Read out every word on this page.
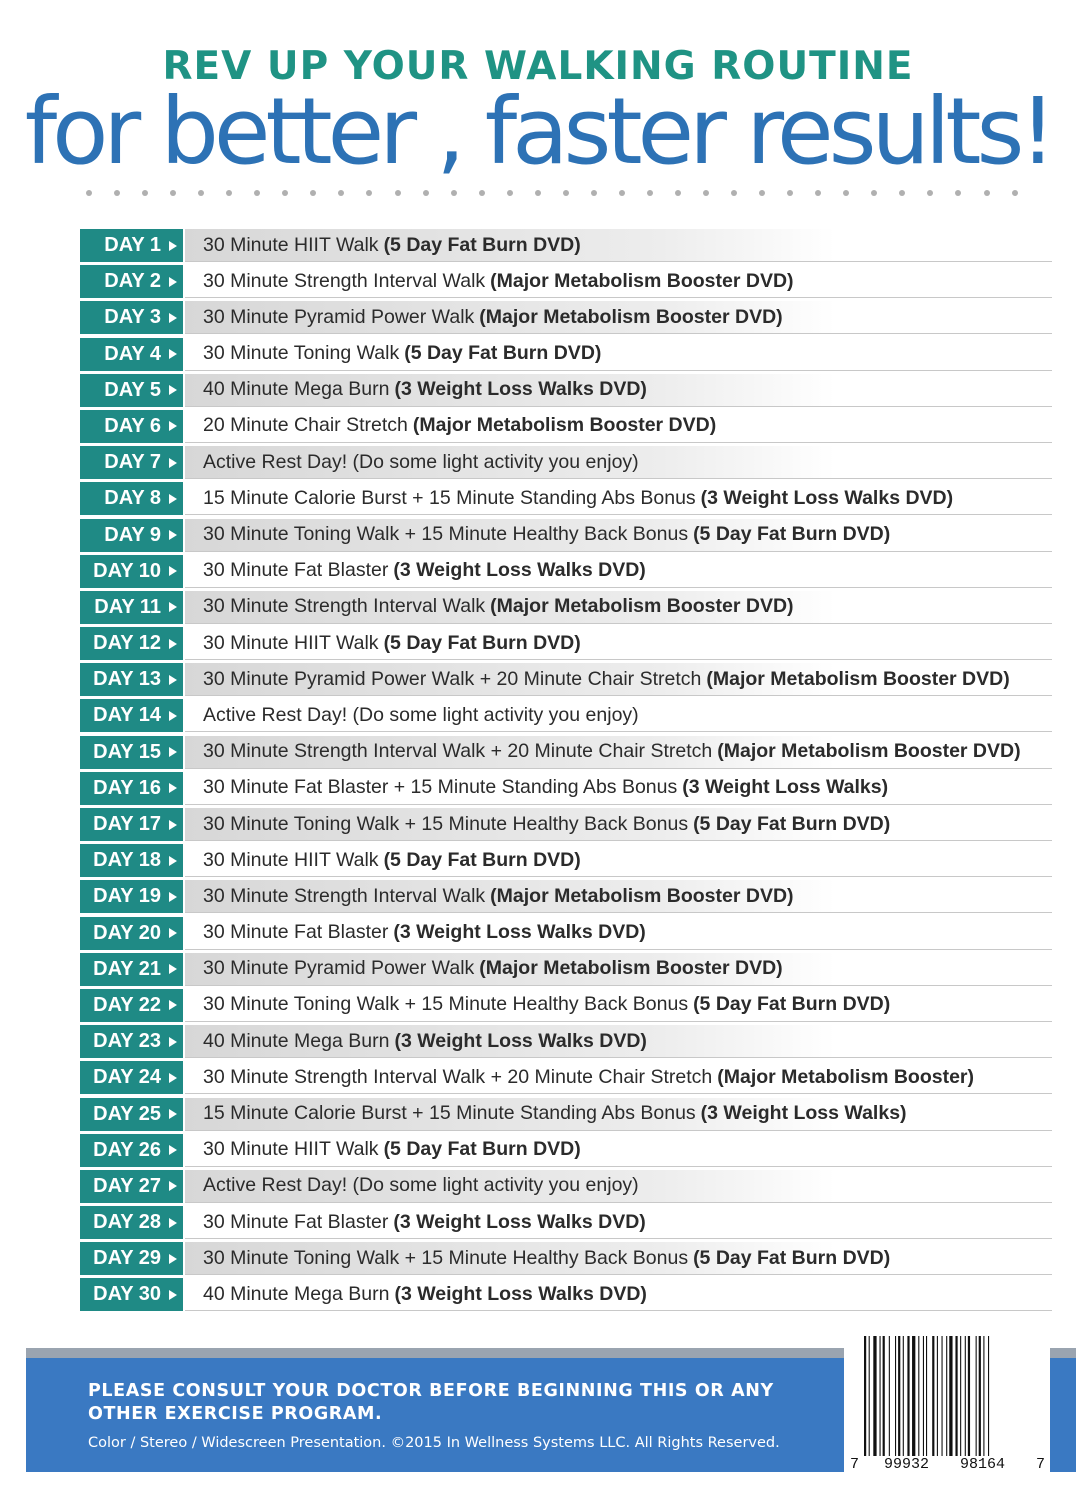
REV UP YOUR WALKING ROUTINE
for better , faster results!
DAY 1 30 Minute HIIT Walk (5 Day Fat Burn DVD)
DAY 2 30 Minute Strength Interval Walk (Major Metabolism Booster DVD)
DAY 3 30 Minute Pyramid Power Walk (Major Metabolism Booster DVD)
DAY 4 30 Minute Toning Walk (5 Day Fat Burn DVD)
DAY 5 40 Minute Mega Burn (3 Weight Loss Walks DVD)
DAY 6 20 Minute Chair Stretch (Major Metabolism Booster DVD)
DAY 7 Active Rest Day! (Do some light activity you enjoy)
DAY 8 15 Minute Calorie Burst + 15 Minute Standing Abs Bonus (3 Weight Loss Walks DVD)
DAY 9 30 Minute Toning Walk + 15 Minute Healthy Back Bonus (5 Day Fat Burn DVD)
DAY 10 30 Minute Fat Blaster (3 Weight Loss Walks DVD)
DAY 11 30 Minute Strength Interval Walk (Major Metabolism Booster DVD)
DAY 12 30 Minute HIIT Walk (5 Day Fat Burn DVD)
DAY 13 30 Minute Pyramid Power Walk + 20 Minute Chair Stretch (Major Metabolism Booster DVD)
DAY 14 Active Rest Day! (Do some light activity you enjoy)
DAY 15 30 Minute Strength Interval Walk + 20 Minute Chair Stretch (Major Metabolism Booster DVD)
DAY 16 30 Minute Fat Blaster + 15 Minute Standing Abs Bonus (3 Weight Loss Walks)
DAY 17 30 Minute Toning Walk + 15 Minute Healthy Back Bonus (5 Day Fat Burn DVD)
DAY 18 30 Minute HIIT Walk (5 Day Fat Burn DVD)
DAY 19 30 Minute Strength Interval Walk (Major Metabolism Booster DVD)
DAY 20 30 Minute Fat Blaster (3 Weight Loss Walks DVD)
DAY 21 30 Minute Pyramid Power Walk (Major Metabolism Booster DVD)
DAY 22 30 Minute Toning Walk + 15 Minute Healthy Back Bonus (5 Day Fat Burn DVD)
DAY 23 40 Minute Mega Burn (3 Weight Loss Walks DVD)
DAY 24 30 Minute Strength Interval Walk + 20 Minute Chair Stretch (Major Metabolism Booster)
DAY 25 15 Minute Calorie Burst + 15 Minute Standing Abs Bonus (3 Weight Loss Walks)
DAY 26 30 Minute HIIT Walk (5 Day Fat Burn DVD)
DAY 27 Active Rest Day! (Do some light activity you enjoy)
DAY 28 30 Minute Fat Blaster (3 Weight Loss Walks DVD)
DAY 29 30 Minute Toning Walk + 15 Minute Healthy Back Bonus (5 Day Fat Burn DVD)
DAY 30 40 Minute Mega Burn (3 Weight Loss Walks DVD)
PLEASE CONSULT YOUR DOCTOR BEFORE BEGINNING THIS OR ANY OTHER EXERCISE PROGRAM.
Color / Stereo / Widescreen Presentation. ©2015 In Wellness Systems LLC. All Rights Reserved.
7 99932 98164 7
